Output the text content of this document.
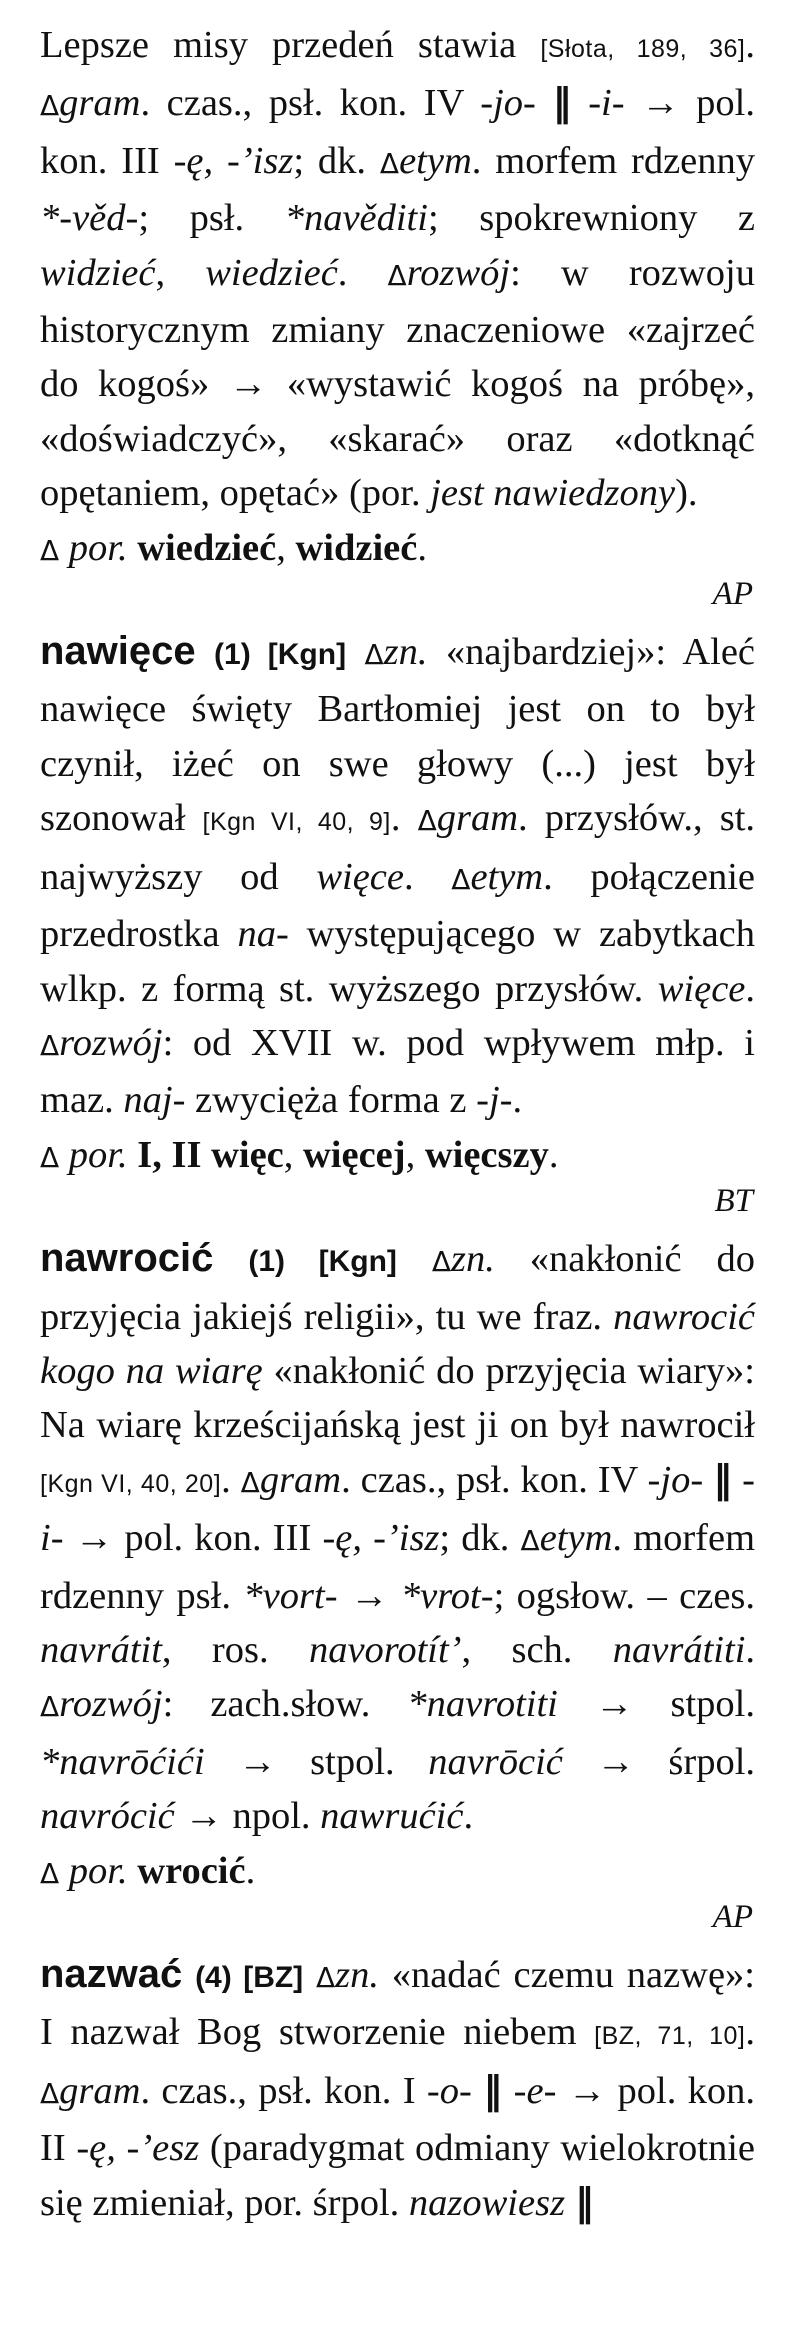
Lepsze misy przedeń stawia [Słota, 189, 36]. Δgram. czas., psł. kon. IV -jo- ‖ -i- → pol. kon. III -ę, -’isz; dk. Δetym. morfem rdzenny *-věd-; psł. *navěditi; spokrewniony z widzieć, wiedzieć. Δrozwój: w rozwoju historycznym zmiany znaczeniowe «zajrzeć do kogoś» → «wystawić kogoś na próbę», «doświadczyć», «skarać» oraz «dotknąć opętaniem, opętać» (por. jest nawiedzony).
Δ por. wiedzieć, widzieć.

AP

nawięce (1) [Kgn] Δzn. «najbardziej»: Aleć nawięce święty Bartłomiej jest on to był czynił, iżeć on swe głowy (...) jest był szonował [Kgn VI, 40, 9]. Δgram. przysłów., st. najwyższy od więce. Δetym. połączenie przedrostka na- występującego w zabytkach wlkp. z formą st. wyższego przysłów. więce. Δrozwój: od XVII w. pod wpływem młp. i maz. naj- zwycięża forma z -j-.
Δ por. I, II więc, więcej, więcszy.

BT

nawrocić (1) [Kgn] Δzn. «nakłonić do przyjęcia jakiejś religii», tu we fraz. nawrocić kogo na wiarę «nakłonić do przyjęcia wiary»: Na wiarę krześcijańską jest ji on był nawrocił [Kgn VI, 40, 20]. Δgram. czas., psł. kon. IV -jo- ‖ -i- → pol. kon. III -ę, -’isz; dk. Δetym. morfem rdzenny psł. *vort- → *vrot-; ogsłow. – czes. navrátit, ros. navorotít’, sch. navrátiti. Δrozwój: zach.słow. *navrotiti → stpol. *navrōćići → stpol. navrōcić → śrpol. navrócić → npol. nawrućić.
Δ por. wrocić.

AP

nazwać (4) [BZ] Δzn. «nadać czemu nazwę»: I nazwał Bog stworzenie niebem [BZ, 71, 10]. Δgram. czas., psł. kon. I -o- ‖ -e- → pol. kon. II -ę, -’esz (paradygmat odmiany wielokrotnie się zmieniał, por. śrpol. nazowiesz ‖
